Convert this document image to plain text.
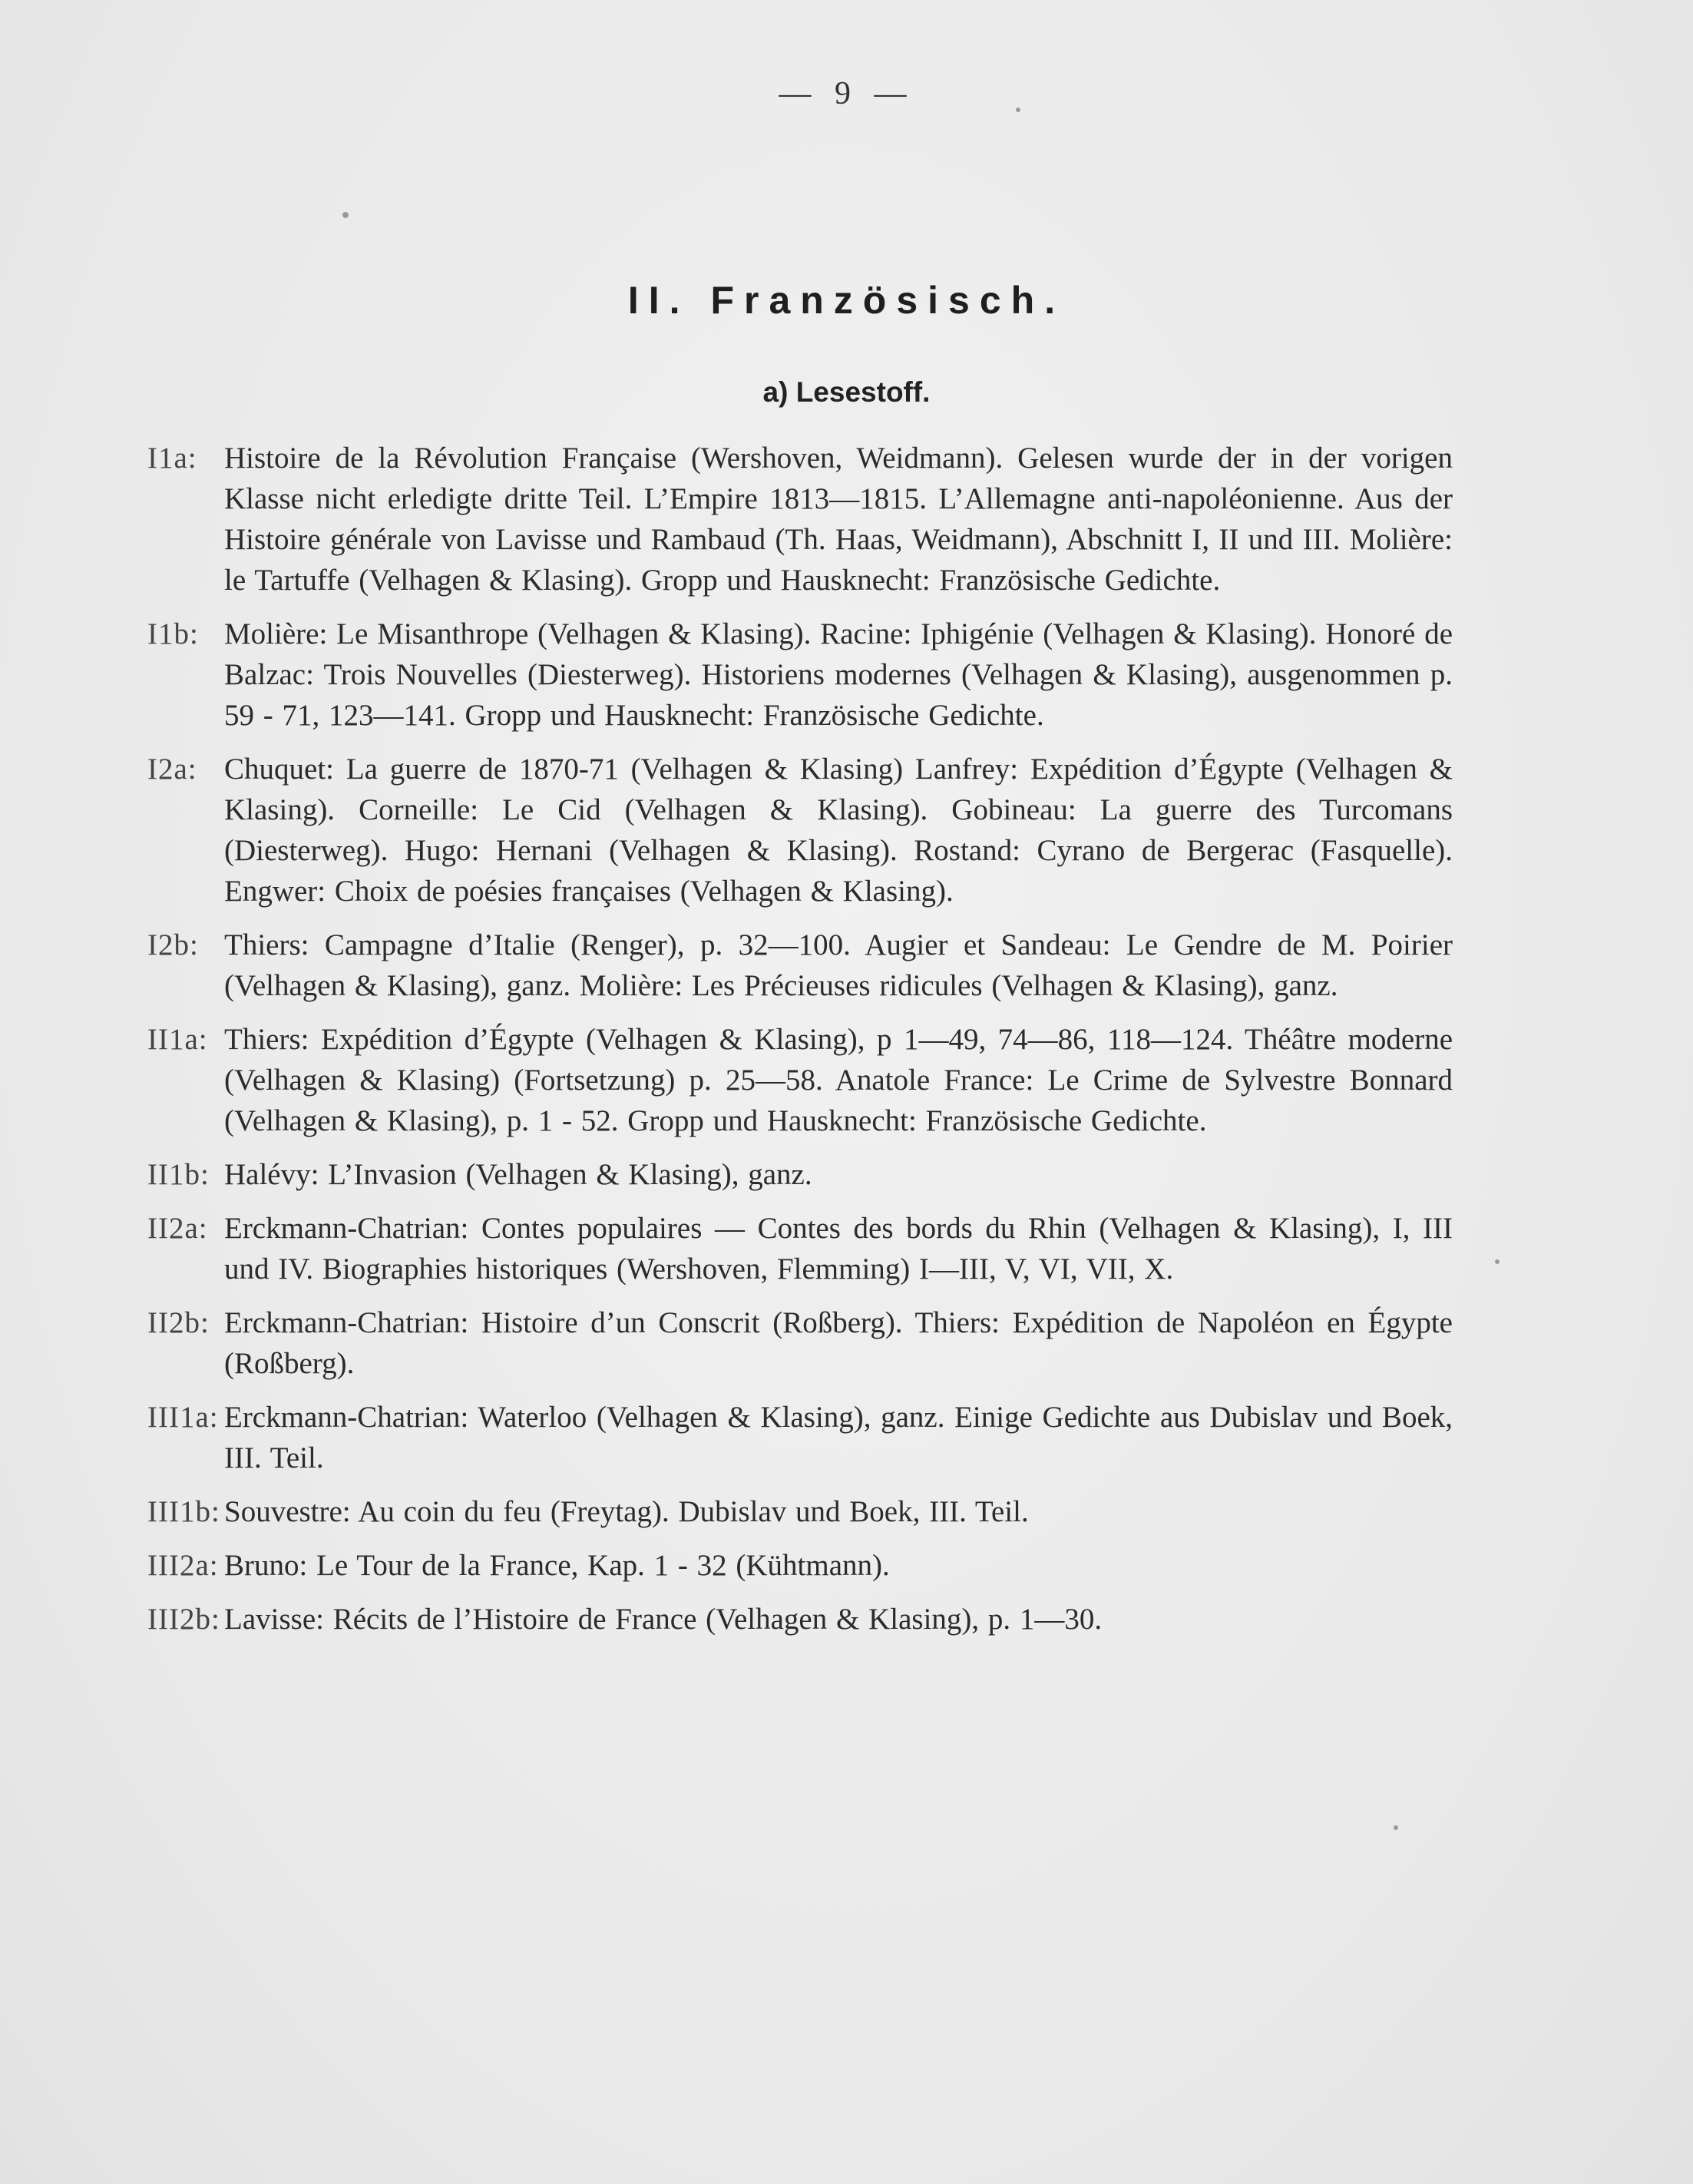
— 9 —
II. Französisch.
a) Lesestoff.
I1a: Histoire de la Révolution Française (Wershoven, Weidmann). Gelesen wurde der in der vorigen Klasse nicht erledigte dritte Teil. L’Empire 1813—1815. L’Allemagne anti-napoléonienne. Aus der Histoire générale von Lavisse und Rambaud (Th. Haas, Weidmann), Abschnitt I, II und III. Molière: le Tartuffe (Velhagen & Klasing). Gropp und Hausknecht: Französische Gedichte.
I1b: Molière: Le Misanthrope (Velhagen & Klasing). Racine: Iphigénie (Velhagen & Klasing). Honoré de Balzac: Trois Nouvelles (Diesterweg). Historiens modernes (Velhagen & Klasing), ausgenommen p. 59 - 71, 123—141. Gropp und Hausknecht: Französische Gedichte.
I2a: Chuquet: La guerre de 1870-71 (Velhagen & Klasing) Lanfrey: Expédition d’Égypte (Velhagen & Klasing). Corneille: Le Cid (Velhagen & Klasing). Gobineau: La guerre des Turcomans (Diesterweg). Hugo: Hernani (Velhagen & Klasing). Rostand: Cyrano de Bergerac (Fasquelle). Engwer: Choix de poésies françaises (Velhagen & Klasing).
I2b: Thiers: Campagne d’Italie (Renger), p. 32—100. Augier et Sandeau: Le Gendre de M. Poirier (Velhagen & Klasing), ganz. Molière: Les Précieuses ridicules (Velhagen & Klasing), ganz.
II1a: Thiers: Expédition d’Égypte (Velhagen & Klasing), p 1—49, 74—86, 118—124. Théâtre moderne (Velhagen & Klasing) (Fortsetzung) p. 25—58. Anatole France: Le Crime de Sylvestre Bonnard (Velhagen & Klasing), p. 1 - 52. Gropp und Hausknecht: Französische Gedichte.
II1b: Halévy: L’Invasion (Velhagen & Klasing), ganz.
II2a: Erckmann-Chatrian: Contes populaires — Contes des bords du Rhin (Velhagen & Klasing), I, III und IV. Biographies historiques (Wershoven, Flemming) I—III, V, VI, VII, X.
II2b: Erckmann-Chatrian: Histoire d’un Conscrit (Roßberg). Thiers: Expédition de Napoléon en Égypte (Roßberg).
III1a: Erckmann-Chatrian: Waterloo (Velhagen & Klasing), ganz. Einige Gedichte aus Dubislav und Boek, III. Teil.
III1b: Souvestre: Au coin du feu (Freytag). Dubislav und Boek, III. Teil.
III2a: Bruno: Le Tour de la France, Kap. 1 - 32 (Kühtmann).
III2b: Lavisse: Récits de l’Histoire de France (Velhagen & Klasing), p. 1—30.
